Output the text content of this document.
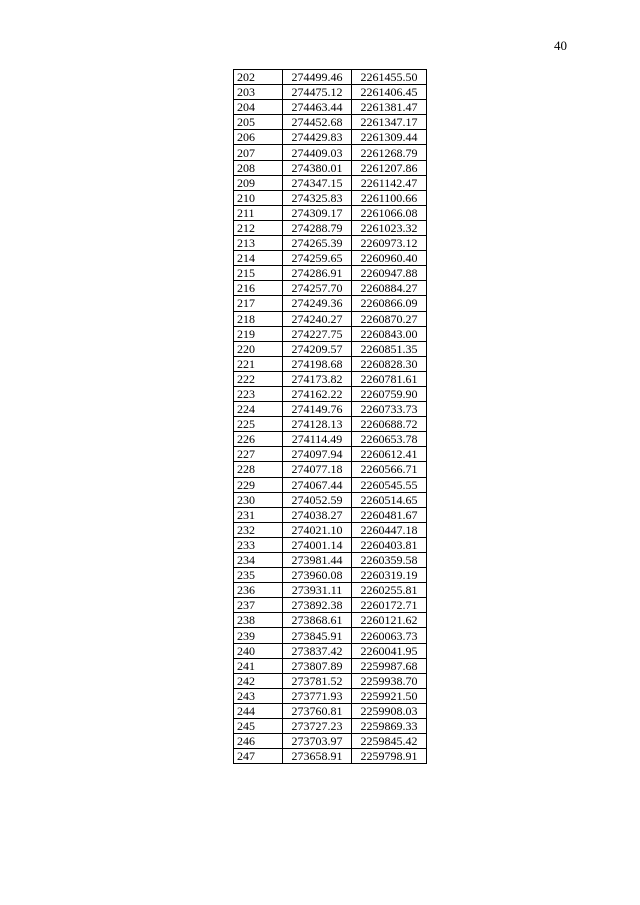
40
202	274499.46	2261455.50
203	274475.12	2261406.45
204	274463.44	2261381.47
205	274452.68	2261347.17
206	274429.83	2261309.44
207	274409.03	2261268.79
208	274380.01	2261207.86
209	274347.15	2261142.47
210	274325.83	2261100.66
211	274309.17	2261066.08
212	274288.79	2261023.32
213	274265.39	2260973.12
214	274259.65	2260960.40
215	274286.91	2260947.88
216	274257.70	2260884.27
217	274249.36	2260866.09
218	274240.27	2260870.27
219	274227.75	2260843.00
220	274209.57	2260851.35
221	274198.68	2260828.30
222	274173.82	2260781.61
223	274162.22	2260759.90
224	274149.76	2260733.73
225	274128.13	2260688.72
226	274114.49	2260653.78
227	274097.94	2260612.41
228	274077.18	2260566.71
229	274067.44	2260545.55
230	274052.59	2260514.65
231	274038.27	2260481.67
232	274021.10	2260447.18
233	274001.14	2260403.81
234	273981.44	2260359.58
235	273960.08	2260319.19
236	273931.11	2260255.81
237	273892.38	2260172.71
238	273868.61	2260121.62
239	273845.91	2260063.73
240	273837.42	2260041.95
241	273807.89	2259987.68
242	273781.52	2259938.70
243	273771.93	2259921.50
244	273760.81	2259908.03
245	273727.23	2259869.33
246	273703.97	2259845.42
247	273658.91	2259798.91
